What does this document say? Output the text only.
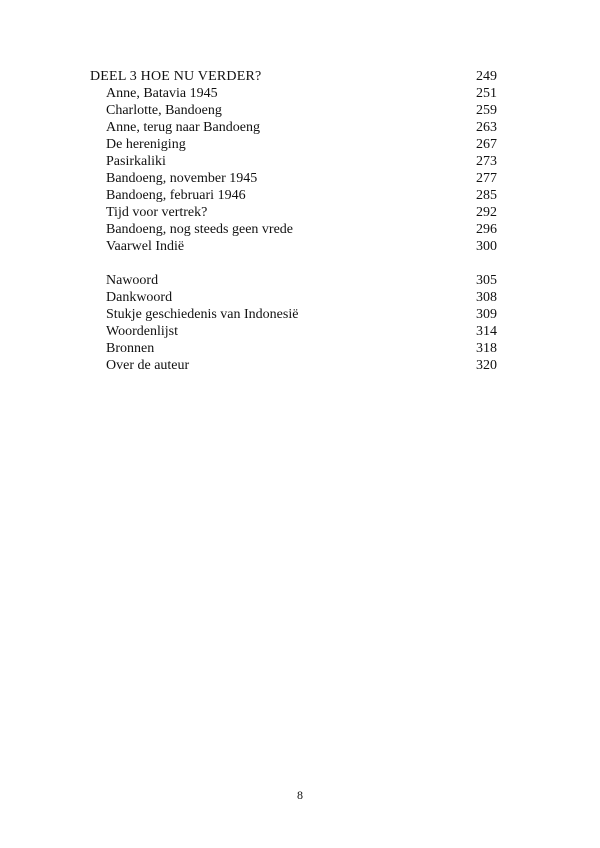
DEEL 3 HOE NU VERDER?	249
Anne, Batavia 1945	251
Charlotte, Bandoeng	259
Anne, terug naar Bandoeng	263
De hereniging	267
Pasirkaliki	273
Bandoeng, november 1945	277
Bandoeng, februari 1946	285
Tijd voor vertrek?	292
Bandoeng, nog steeds geen vrede	296
Vaarwel Indië	300
Nawoord	305
Dankwoord	308
Stukje geschiedenis van Indonesië	309
Woordenlijst	314
Bronnen	318
Over de auteur	320
8
